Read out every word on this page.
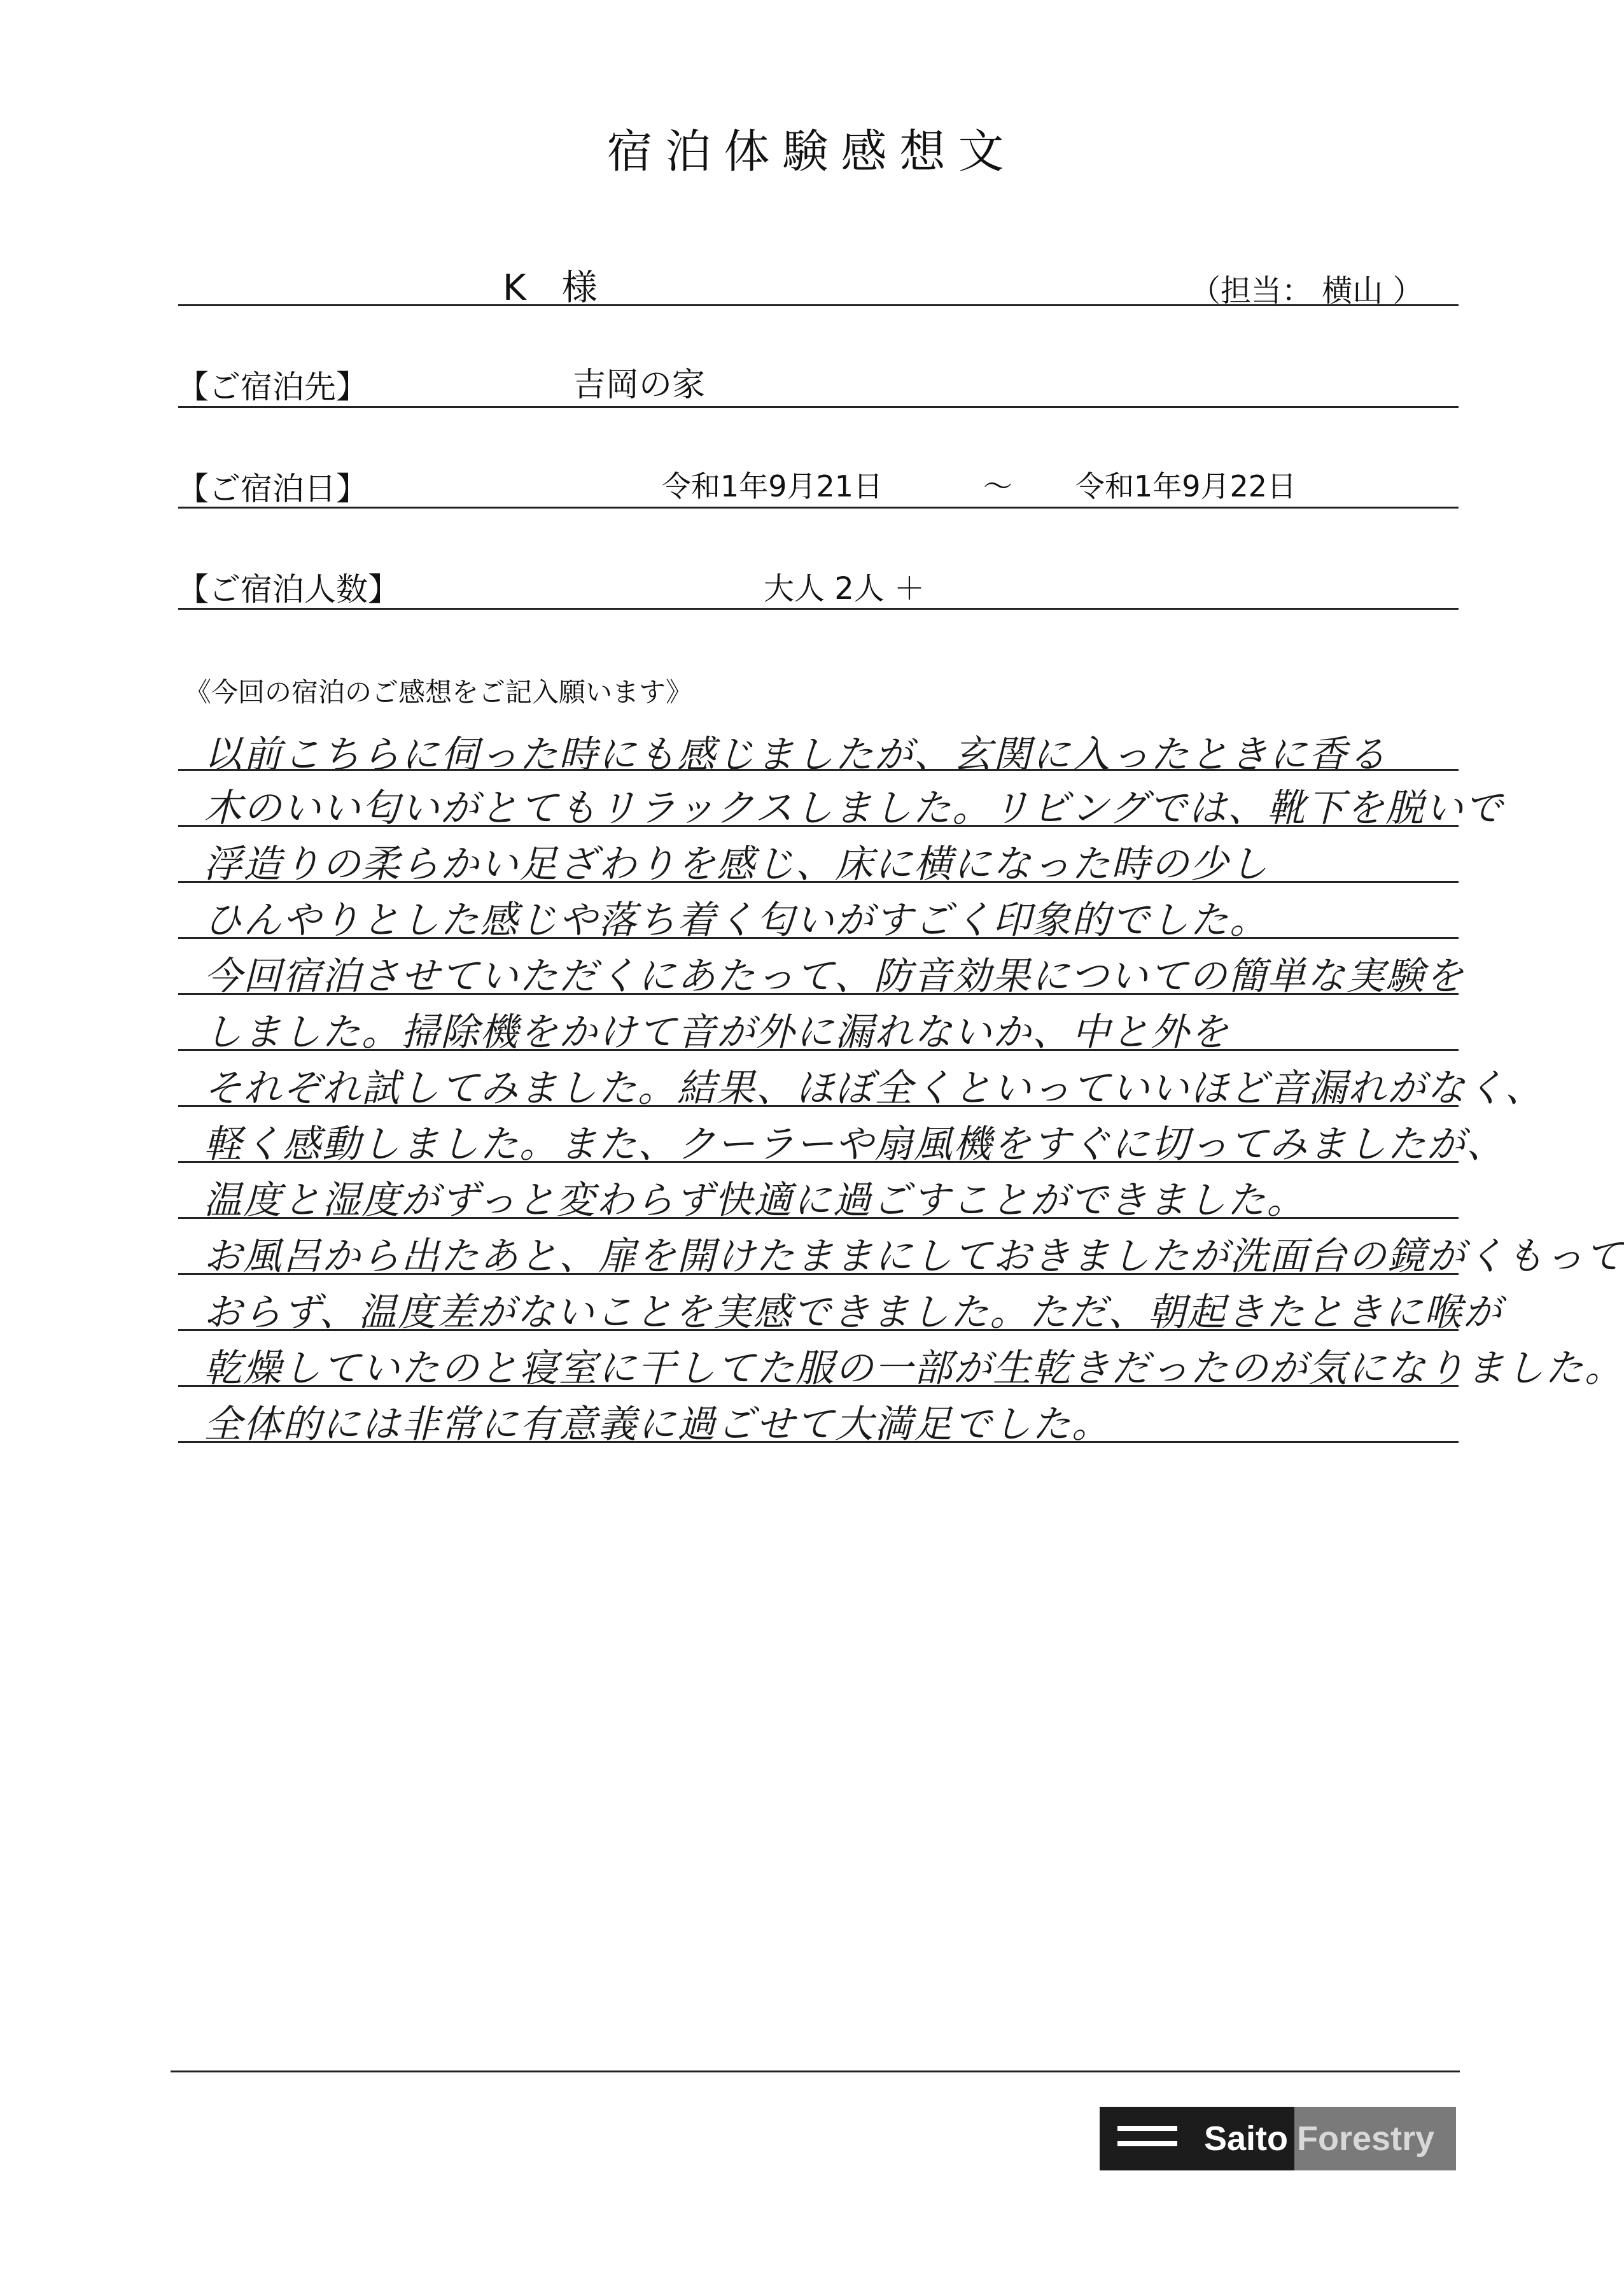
宿泊体験感想文
K　様	（担当： 横山 ）
【ご宿泊先】	吉岡の家
【ご宿泊日】	令和1年9月21日	～ 令和1年9月22日
【ご宿泊人数】	大人 2人 ＋
《今回の宿泊のご感想をご記入願います》
以前こちらに伺った時にも感じましたが、玄関に入ったときに香る
木のいい匂いがとてもリラックスしました。リビングでは、靴下を脱いで
浮造りの柔らかい足ざわりを感じ、床に横になった時の少し
ひんやりとした感じや落ち着く匂いがすごく印象的でした。
今回宿泊させていただくにあたって、防音効果についての簡単な実験を
しました。掃除機をかけて音が外に漏れないか、中と外を
それぞれ試してみました。結果、ほぼ全くといっていいほど音漏れがなく、
軽く感動しました。また、クーラーや扇風機をすぐに切ってみましたが、
温度と湿度がずっと変わらず快適に過ごすことができました。
お風呂から出たあと、扉を開けたままにしておきましたが洗面台の鏡がくもって
おらず、温度差がないことを実感できました。ただ、朝起きたときに喉が
乾燥していたのと寝室に干してた服の一部が生乾きだったのが気になりました。
全体的には非常に有意義に過ごせて大満足でした。
Saito Forestry
